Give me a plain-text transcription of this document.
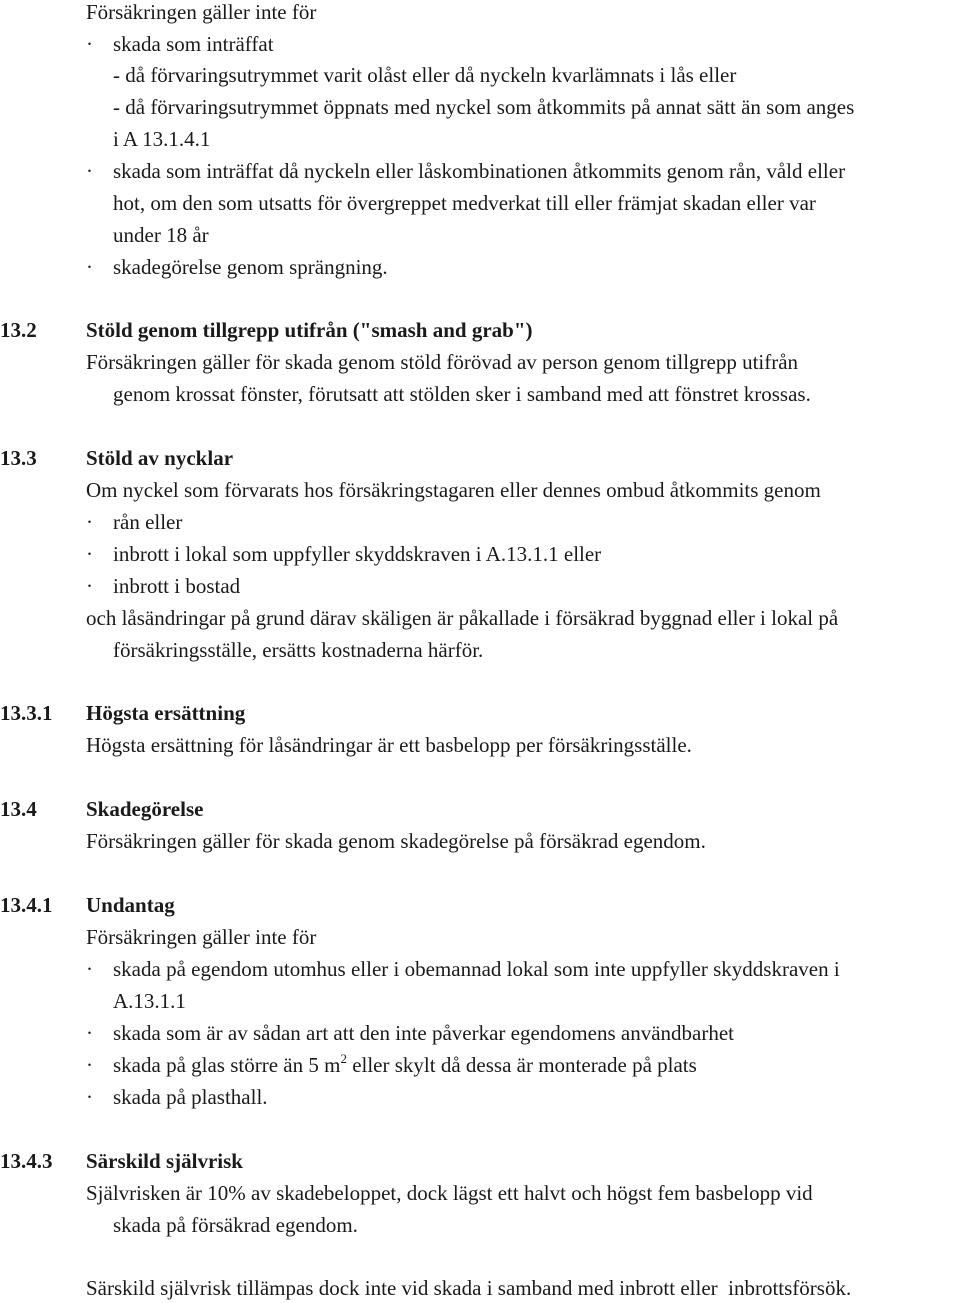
Försäkringen gäller inte för
· skada som inträffat
- då förvaringsutrymmet varit olåst eller då nyckeln kvarlämnats i lås eller
- då förvaringsutrymmet öppnats med nyckel som åtkommits på annat sätt än som anges
i A 13.1.4.1
· skada som inträffat då nyckeln eller låskombinationen åtkommits genom rån, våld eller
hot, om den som utsatts för övergreppet medverkat till eller främjat skadan eller var
under 18 år
· skadegörelse genom sprängning.
13.2 Stöld genom tillgrepp utifrån ("smash and grab")
Försäkringen gäller för skada genom stöld förövad av person genom tillgrepp utifrån
genom krossat fönster, förutsatt att stölden sker i samband med att fönstret krossas.
13.3 Stöld av nycklar
Om nyckel som förvarats hos försäkringstagaren eller dennes ombud åtkommits genom
· rån eller
· inbrott i lokal som uppfyller skyddskraven i A.13.1.1 eller
· inbrott i bostad
och låsändringar på grund därav skäligen är påkallade i försäkrad byggnad eller i lokal på
försäkringsställe, ersätts kostnaderna härför.
13.3.1 Högsta ersättning
Högsta ersättning för låsändringar är ett basbelopp per försäkringsställe.
13.4 Skadegörelse
Försäkringen gäller för skada genom skadegörelse på försäkrad egendom.
13.4.1 Undantag
Försäkringen gäller inte för
· skada på egendom utomhus eller i obemannad lokal som inte uppfyller skyddskraven i
A.13.1.1
· skada som är av sådan art att den inte påverkar egendomens användbarhet
· skada på glas större än 5 $m^2$ eller skylt då dessa är monterade på plats
· skada på plasthall.
13.4.3 Särskild självrisk
Självrisken är 10% av skadebeloppet, dock lägst ett halvt och högst fem basbelopp vid
skada på försäkrad egendom.
Särskild självrisk tillämpas dock inte vid skada i samband med inbrott eller  inbrottsförsök.
